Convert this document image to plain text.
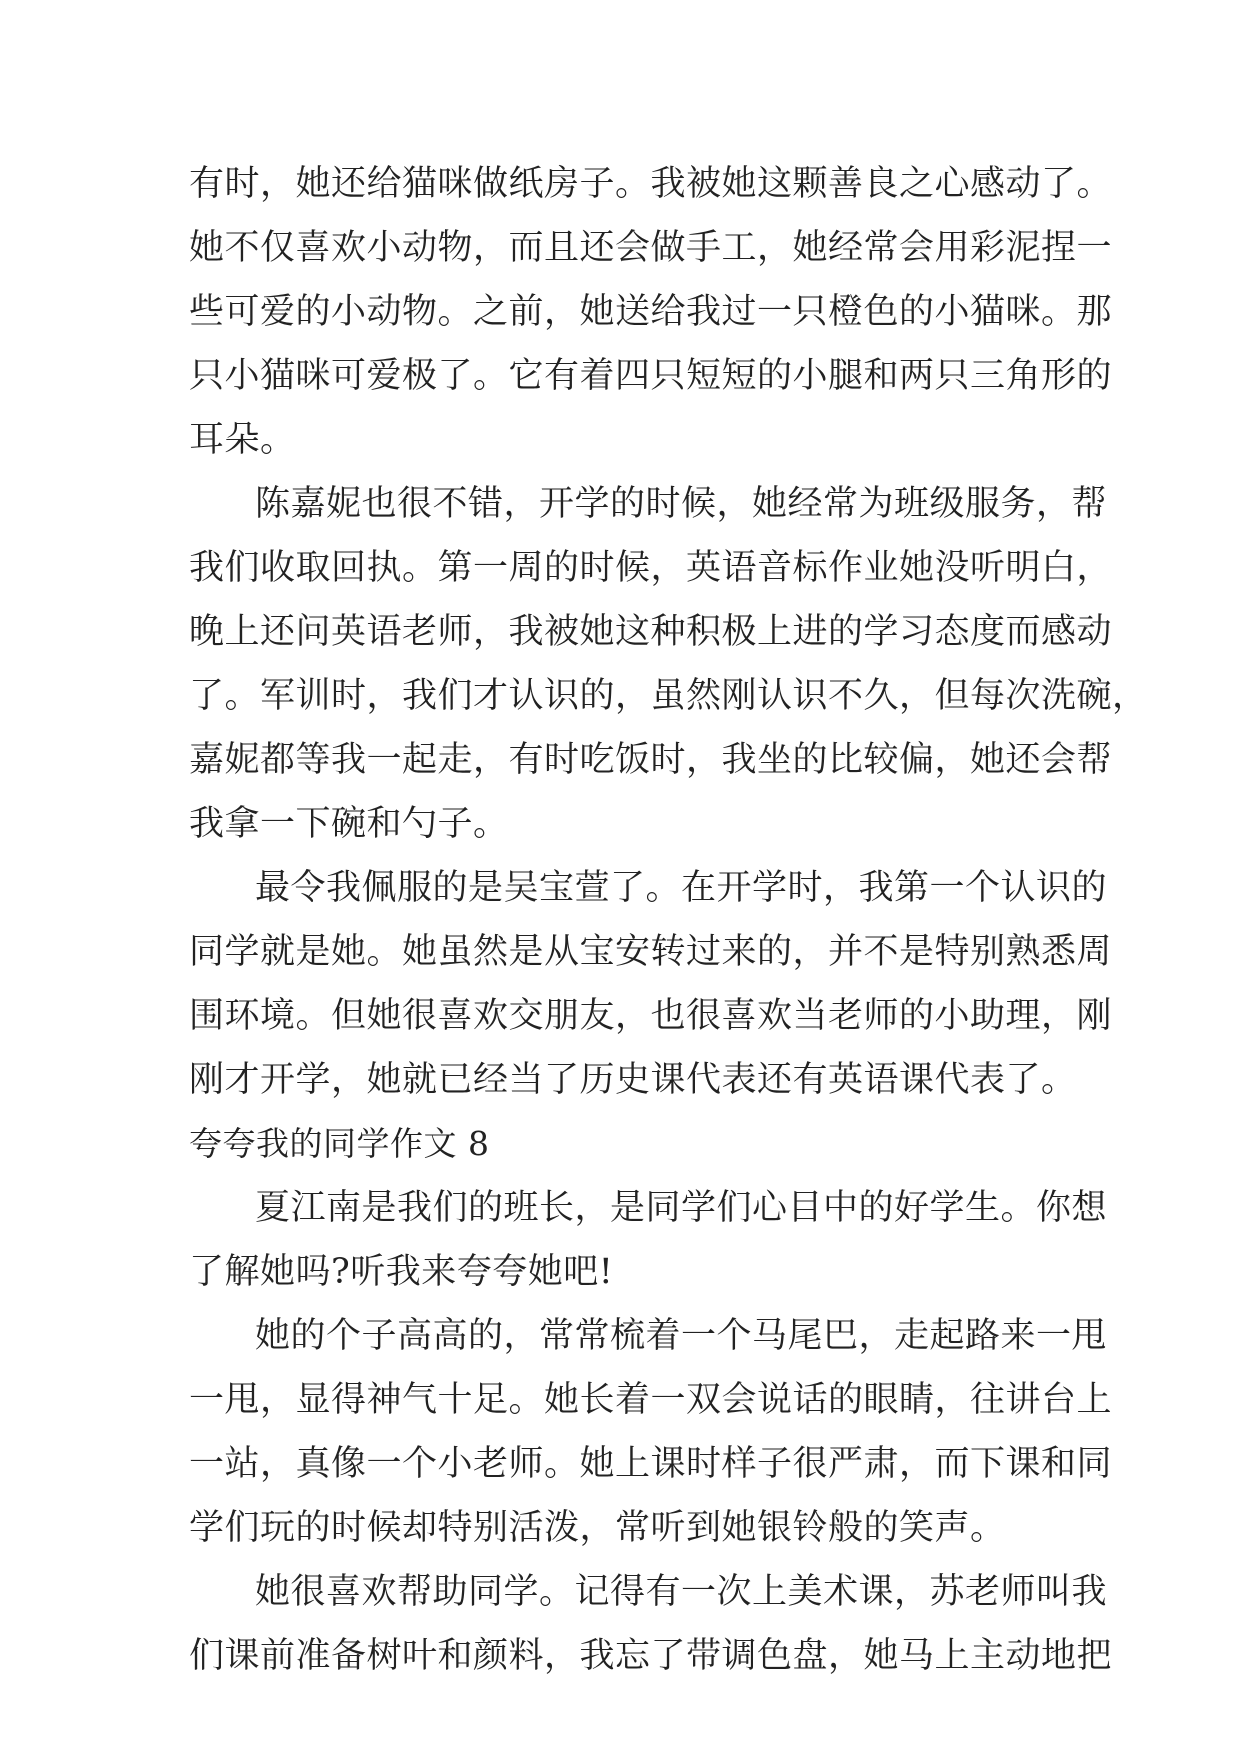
有时，她还给猫咪做纸房子。我被她这颗善良之心感动了。
她不仅喜欢小动物，而且还会做手工，她经常会用彩泥捏一
些可爱的小动物。之前，她送给我过一只橙色的小猫咪。那
只小猫咪可爱极了。它有着四只短短的小腿和两只三角形的
耳朵。

陈嘉妮也很不错，开学的时候，她经常为班级服务，帮
我们收取回执。第一周的时候，英语音标作业她没听明白，
晚上还问英语老师，我被她这种积极上进的学习态度而感动
了。军训时，我们才认识的，虽然刚认识不久，但每次洗碗，
嘉妮都等我一起走，有时吃饭时，我坐的比较偏，她还会帮
我拿一下碗和勺子。

最令我佩服的是吴宝萱了。在开学时，我第一个认识的
同学就是她。她虽然是从宝安转过来的，并不是特别熟悉周
围环境。但她很喜欢交朋友，也很喜欢当老师的小助理，刚
刚才开学，她就已经当了历史课代表还有英语课代表了。

夸夸我的同学作文 8

夏江南是我们的班长，是同学们心目中的好学生。你想
了解她吗?听我来夸夸她吧!

她的个子高高的，常常梳着一个马尾巴，走起路来一甩
一甩，显得神气十足。她长着一双会说话的眼睛，往讲台上
一站，真像一个小老师。她上课时样子很严肃，而下课和同
学们玩的时候却特别活泼，常听到她银铃般的笑声。

她很喜欢帮助同学。记得有一次上美术课，苏老师叫我
们课前准备树叶和颜料，我忘了带调色盘，她马上主动地把
